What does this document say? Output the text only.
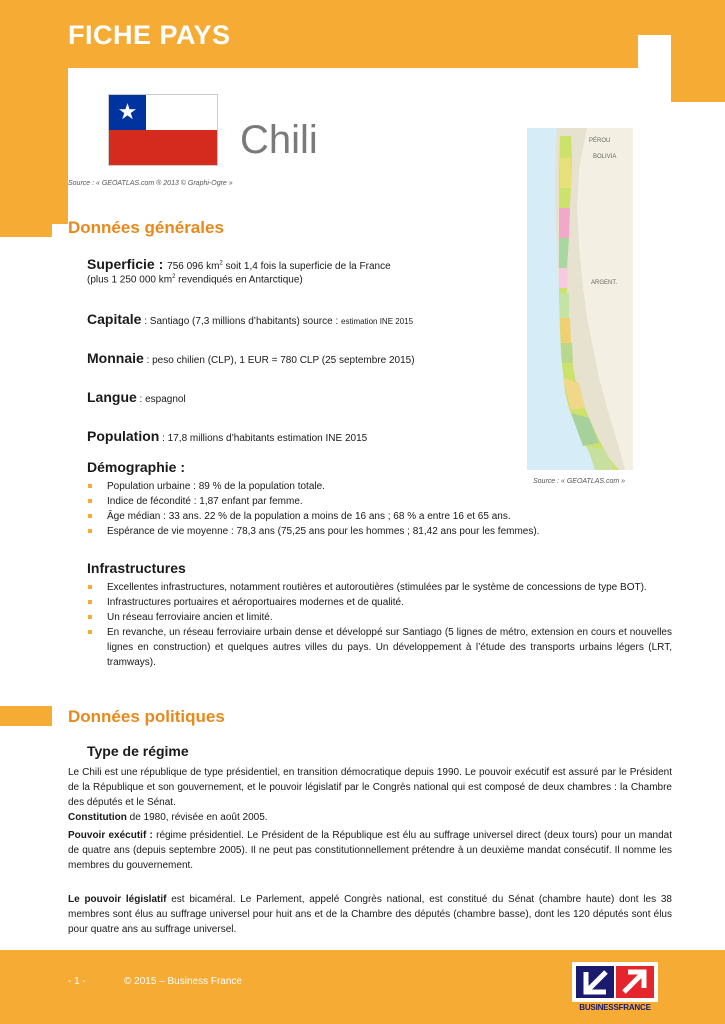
FICHE PAYS
★
Chili
Source : « GEOATLAS.com ® 2013 © Graphi-Ogre »
PÉROU
BOLIVIA
ARGENT.
Source : « GEOATLAS.com »
Données générales
Superficie : 756 096 $km^2$ soit 1,4 fois la superficie de la France
(plus 1 250 000 $km^2$ revendiqués en Antarctique)
Capitale : Santiago (7,3 millions d’habitants) source : estimation INE 2015
Monnaie : peso chilien (CLP), 1 EUR = 780 CLP (25 septembre 2015)
Langue : espagnol
Population : 17,8 millions d’habitants estimation INE 2015
Démographie :
Population urbaine : 89 % de la population totale.
Indice de fécondité : 1,87 enfant par femme.
Âge médian : 33 ans. 22 % de la population a moins de 16 ans ; 68 % a entre 16 et 65 ans.
Espérance de vie moyenne : 78,3 ans (75,25 ans pour les hommes ; 81,42 ans pour les femmes).
Infrastructures
Excellentes infrastructures, notamment routières et autoroutières (stimulées par le système de concessions de type BOT).
Infrastructures portuaires et aéroportuaires modernes et de qualité.
Un réseau ferroviaire ancien et limité.
En revanche, un réseau ferroviaire urbain dense et développé sur Santiago (5 lignes de métro, extension en cours et nouvelles lignes en construction) et quelques autres villes du pays. Un développement à l’étude des transports urbains légers (LRT, tramways).
Données politiques
Type de régime
Le Chili est une république de type présidentiel, en transition démocratique depuis 1990. Le pouvoir exécutif est assuré par le Président de la République et son gouvernement, et le pouvoir législatif par le Congrès national qui est composé de deux chambres : la Chambre des députés et le Sénat.
Constitution de 1980, révisée en août 2005.
Pouvoir exécutif : régime présidentiel. Le Président de la République est élu au suffrage universel direct (deux tours) pour un mandat de quatre ans (depuis septembre 2005). Il ne peut pas constitutionnellement prétendre à un deuxième mandat consécutif. Il nomme les membres du gouvernement.
Le pouvoir législatif est bicaméral. Le Parlement, appelé Congrès national, est constitué du Sénat (chambre haute) dont les 38 membres sont élus au suffrage universel pour huit ans et de la Chambre des députés (chambre basse), dont les 120 députés sont élus pour quatre ans au suffrage universel.
- 1 -	© 2015 – Business France
BUSINESSFRANCE
